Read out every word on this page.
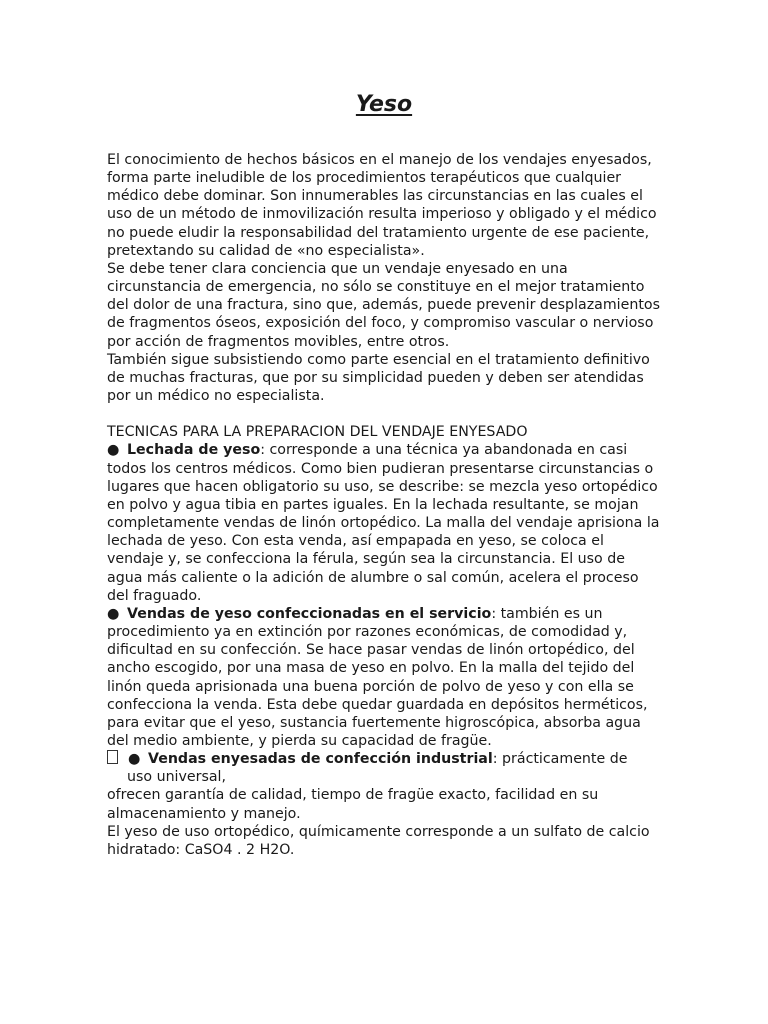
Yeso

El conocimiento de hechos básicos en el manejo de los vendajes enyesados, forma parte ineludible de los procedimientos terapéuticos que cualquier médico debe dominar. Son innumerables las circunstancias en las cuales el uso de un método de inmovilización resulta imperioso y obligado y el médico no puede eludir la responsabilidad del tratamiento urgente de ese paciente, pretextando su calidad de «no especialista».

Se debe tener clara conciencia que un vendaje enyesado en una circunstancia de emergencia, no sólo se constituye en el mejor tratamiento del dolor de una fractura, sino que, además, puede prevenir desplazamientos de fragmentos óseos, exposición del foco, y compromiso vascular o nervioso por acción de fragmentos movibles, entre otros.

También sigue subsistiendo como parte esencial en el tratamiento definitivo de muchas fracturas, que por su simplicidad pueden y deben ser atendidas por un médico no especialista.

TECNICAS PARA LA PREPARACION DEL VENDAJE ENYESADO

● Lechada de yeso: corresponde a una técnica ya abandonada en casi todos los centros médicos. Como bien pudieran presentarse circunstancias o lugares que hacen obligatorio su uso, se describe: se mezcla yeso ortopédico en polvo y agua tibia en partes iguales. En la lechada resultante, se mojan completamente vendas de linón ortopédico. La malla del vendaje aprisiona la lechada de yeso. Con esta venda, así empapada en yeso, se coloca el vendaje y, se confecciona la férula, según sea la circunstancia. El uso de agua más caliente o la adición de alumbre o sal común, acelera el proceso del fraguado.

● Vendas de yeso confeccionadas en el servicio: también es un procedimiento ya en extinción por razones económicas, de comodidad y, dificultad en su confección. Se hace pasar vendas de linón ortopédico, del ancho escogido, por una masa de yeso en polvo. En la malla del tejido del linón queda aprisionada una buena porción de polvo de yeso y con ella se confecciona la venda. Esta debe quedar guardada en depósitos herméticos, para evitar que el yeso, sustancia fuertemente higroscópica, absorba agua del medio ambiente, y pierda su capacidad de fragüe.

● Vendas enyesadas de confección industrial: prácticamente de

uso universal,

ofrecen garantía de calidad, tiempo de fragüe exacto, facilidad en su almacenamiento y manejo.

El yeso de uso ortopédico, químicamente corresponde a un sulfato de calcio hidratado: CaSO4 . 2 H2O.
